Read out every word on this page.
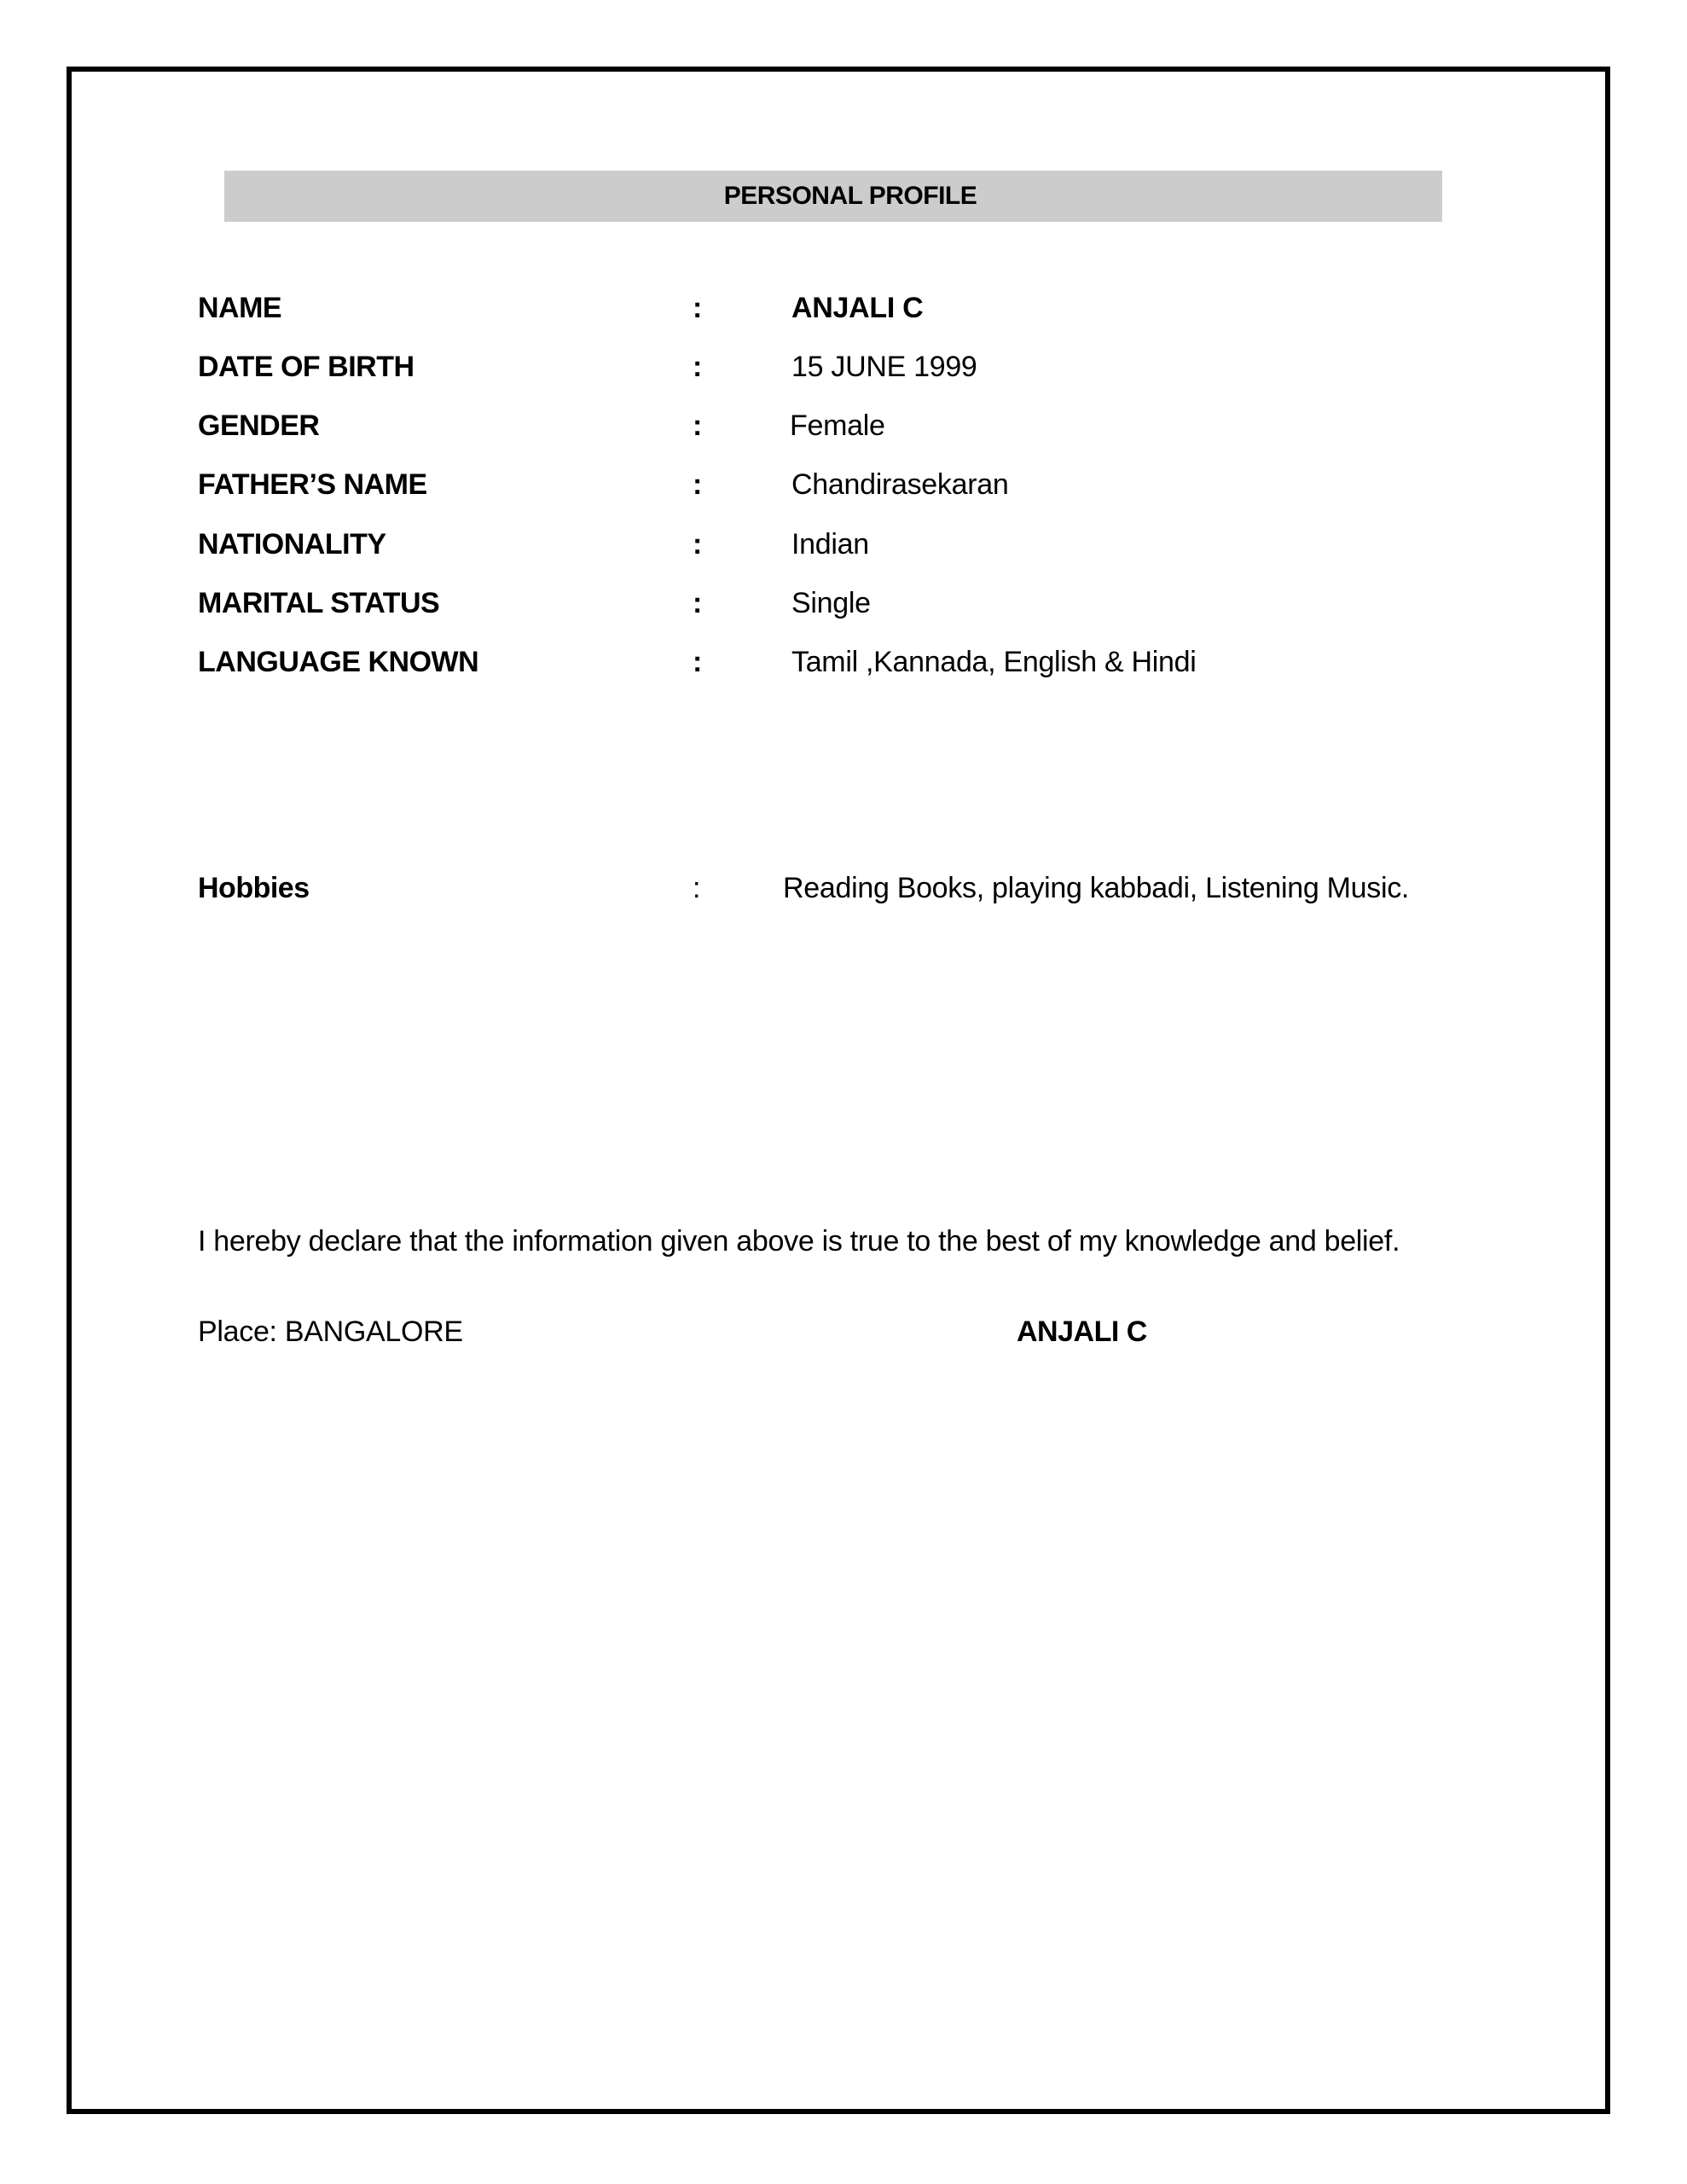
PERSONAL PROFILE
NAME	:	ANJALI C
DATE OF BIRTH	:	15 JUNE 1999
GENDER	:	Female
FATHER’S NAME	:	Chandirasekaran
NATIONALITY	:	Indian
MARITAL STATUS	:	Single
LANGUAGE KNOWN	:	Tamil ,Kannada, English & Hindi
Hobbies	:	Reading Books, playing kabbadi, Listening Music.
I hereby declare that the information given above is true to the best of my knowledge and belief.
Place: BANGALORE	ANJALI C
